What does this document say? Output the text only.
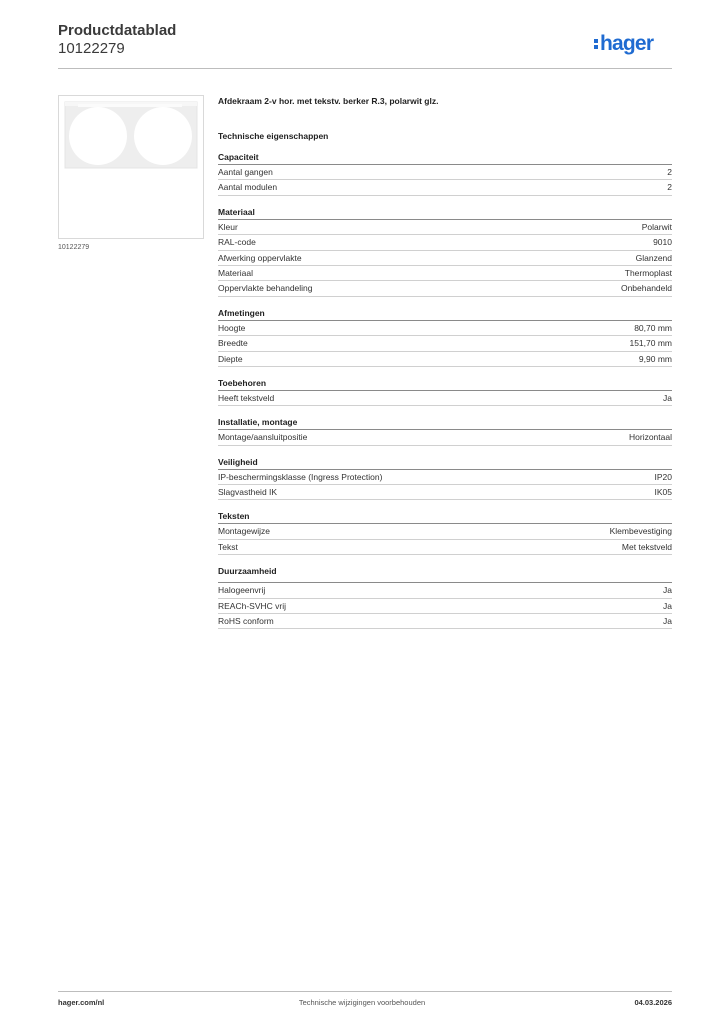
Productdatablad
10122279	hager
10122279
Afdekraam 2-v hor. met tekstv. berker R.3, polarwit glz.
Technische eigenschappen
Capaciteit
Aantal gangen	2
Aantal modulen	2
Materiaal
Kleur	Polarwit
RAL-code	9010
Afwerking oppervlakte	Glanzend
Materiaal	Thermoplast
Oppervlakte behandeling	Onbehandeld
Afmetingen
Hoogte	80,70 mm
Breedte	151,70 mm
Diepte	9,90 mm
Toebehoren
Heeft tekstveld	Ja
Installatie, montage
Montage/aansluitpositie	Horizontaal
Veiligheid
IP-beschermingsklasse (Ingress Protection)	IP20
Slagvastheid IK	IK05
Teksten
Montagewijze	Klembevestiging
Tekst	Met tekstveld
Duurzaamheid
Halogeenvrij	Ja
REACh-SVHC vrij	Ja
RoHS conform	Ja
hager.com/nl	Technische wijzigingen voorbehouden	04.03.2026
